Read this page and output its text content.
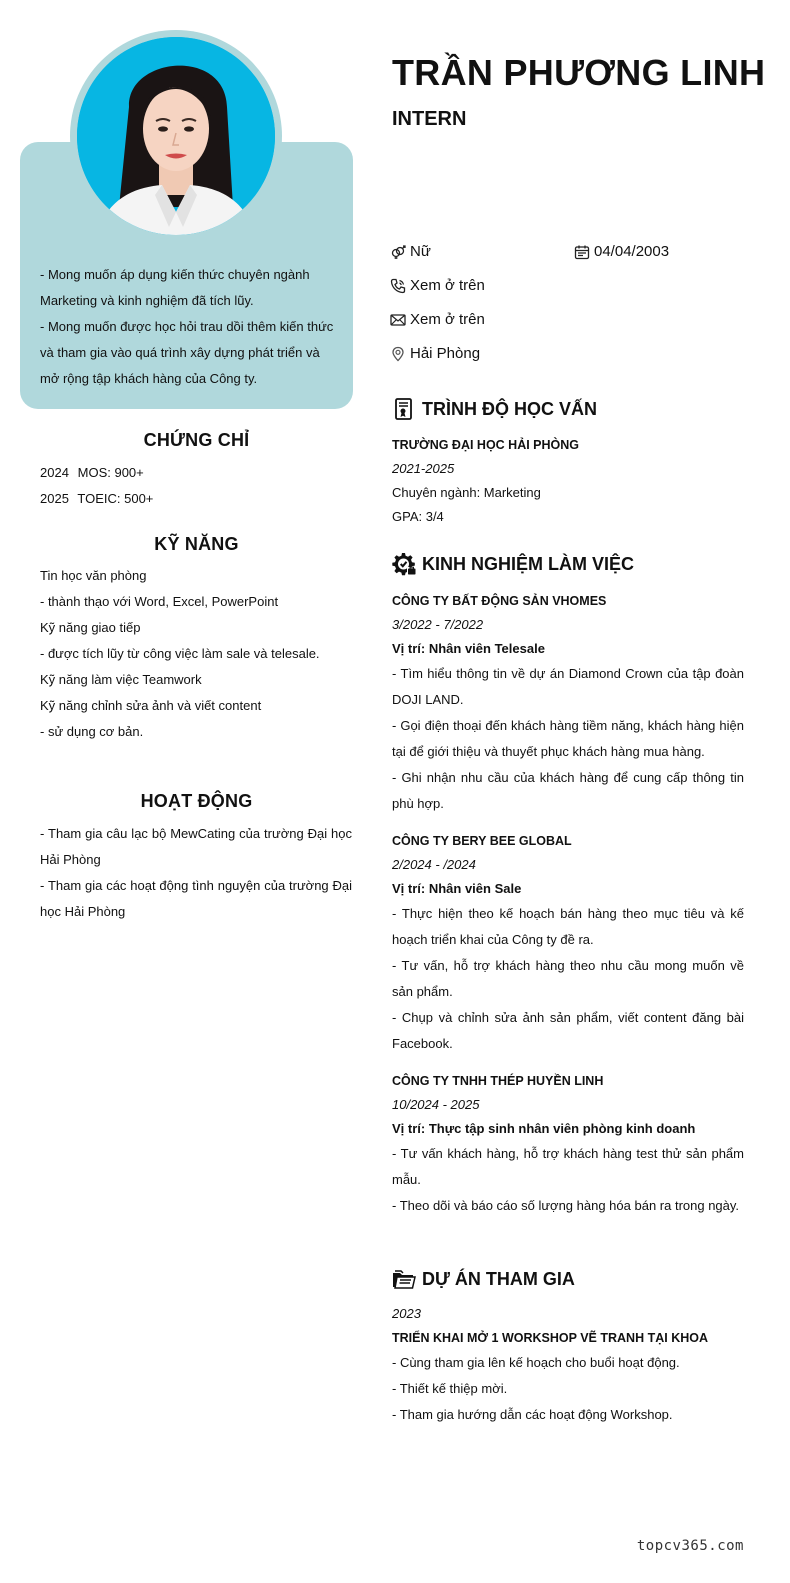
- Mong muốn áp dụng kiến thức chuyên ngành Marketing và kinh nghiệm đã tích lũy.

- Mong muốn được học hỏi trau dồi thêm kiến thức và tham gia vào quá trình xây dựng phát triển và mở rộng tập khách hàng của Công ty.

CHỨNG CHỈ

2024 MOS: 900+

2025 TOEIC: 500+

KỸ NĂNG

Tin học văn phòng

- thành thạo với Word, Excel, PowerPoint

Kỹ năng giao tiếp

- được tích lũy từ công việc làm sale và telesale.

Kỹ năng làm việc Teamwork

Kỹ năng chỉnh sửa ảnh và viết content

- sử dụng cơ bản.

HOẠT ĐỘNG

- Tham gia câu lạc bộ MewCating của trường Đại học Hải Phòng

- Tham gia các hoạt động tình nguyện của trường Đại học Hải Phòng

TRẦN PHƯƠNG LINH
INTERN
Nữ	04/04/2003
Xem ở trên
Xem ở trên
Hải Phòng
TRÌNH ĐỘ HỌC VẤN

TRƯỜNG ĐẠI HỌC HẢI PHÒNG

2021-2025

Chuyên ngành: Marketing

GPA: 3/4

KINH NGHIỆM LÀM VIỆC

CÔNG TY BẤT ĐỘNG SẢN VHOMES

3/2022 - 7/2022

Vị trí: Nhân viên Telesale

- Tìm hiểu thông tin về dự án Diamond Crown của tập đoàn DOJI LAND.

- Gọi điện thoại đến khách hàng tiềm năng, khách hàng hiện tại để giới thiệu và thuyết phục khách hàng mua hàng.

- Ghi nhận nhu cầu của khách hàng để cung cấp thông tin phù hợp.

CÔNG TY BERY BEE GLOBAL

2/2024 - /2024

Vị trí: Nhân viên Sale

- Thực hiện theo kế hoạch bán hàng theo mục tiêu và kế hoạch triển khai của Công ty đề ra.

- Tư vấn, hỗ trợ khách hàng theo nhu cầu mong muốn về sản phẩm.

- Chụp và chỉnh sửa ảnh sản phẩm, viết content đăng bài Facebook.

CÔNG TY TNHH THÉP HUYỀN LINH

10/2024 - 2025

Vị trí: Thực tập sinh nhân viên phòng kinh doanh

- Tư vấn khách hàng, hỗ trợ khách hàng test thử sản phẩm mẫu.

- Theo dõi và báo cáo số lượng hàng hóa bán ra trong ngày.

DỰ ÁN THAM GIA

2023

TRIỂN KHAI MỞ 1 WORKSHOP VẼ TRANH TẠI KHOA

- Cùng tham gia lên kế hoạch cho buổi hoạt động.

- Thiết kế thiệp mời.

- Tham gia hướng dẫn các hoạt động Workshop.

topcv365.com
